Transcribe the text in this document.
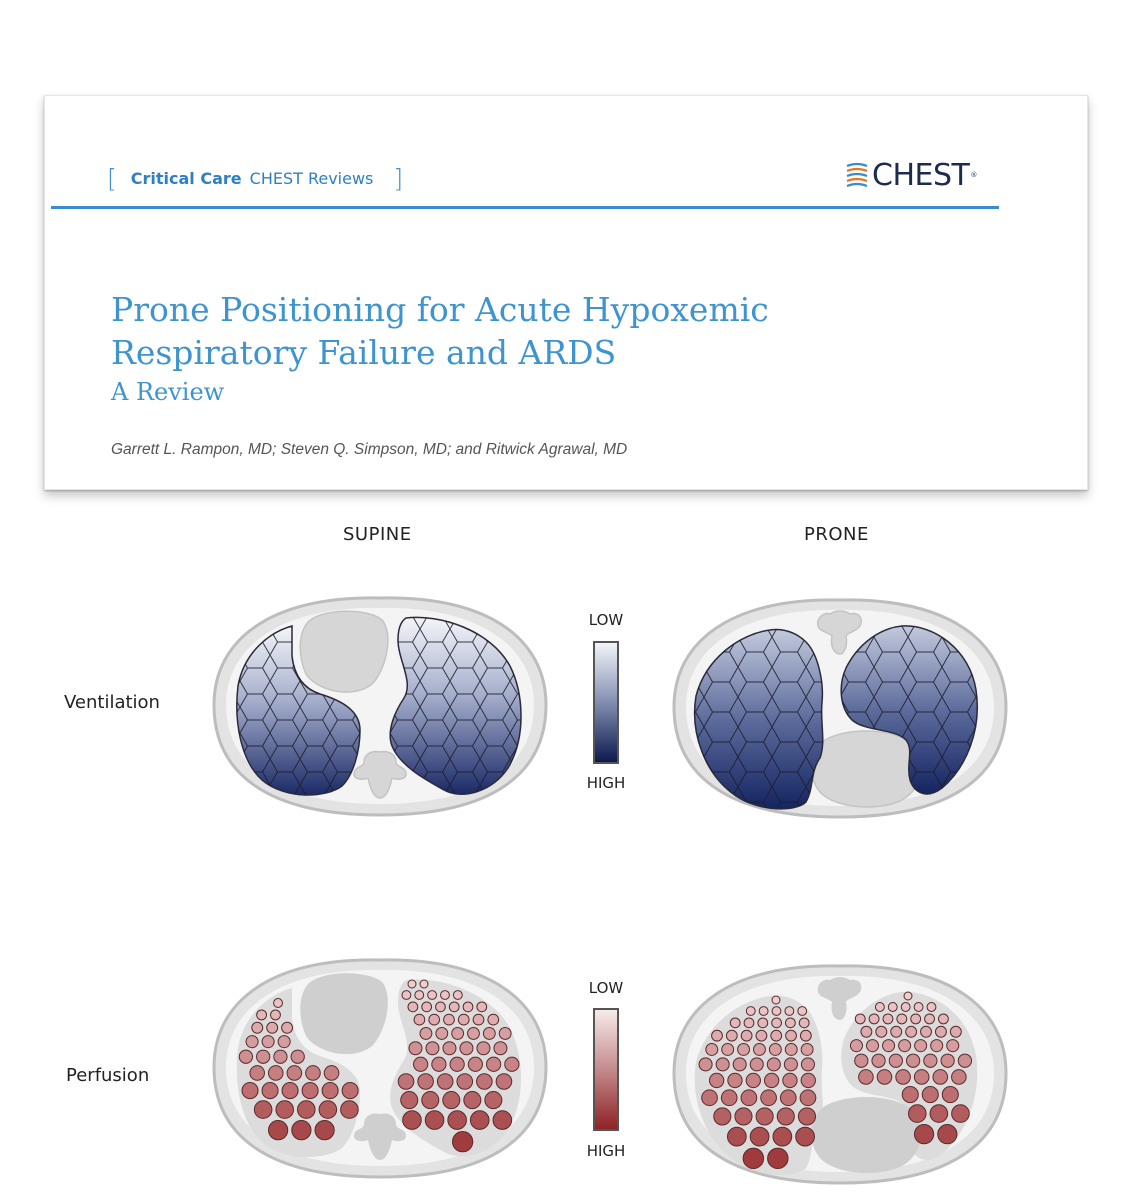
[ Critical Care CHEST Reviews ]	CHEST ®
Prone Positioning for Acute Hypoxemic
Respiratory Failure and ARDS
A Review
Garrett L. Rampon, MD; Steven Q. Simpson, MD; and Ritwick Agrawal, MD
SUPINE	PRONE
Ventilation
Perfusion
LOW
HIGH
LOW
HIGH
